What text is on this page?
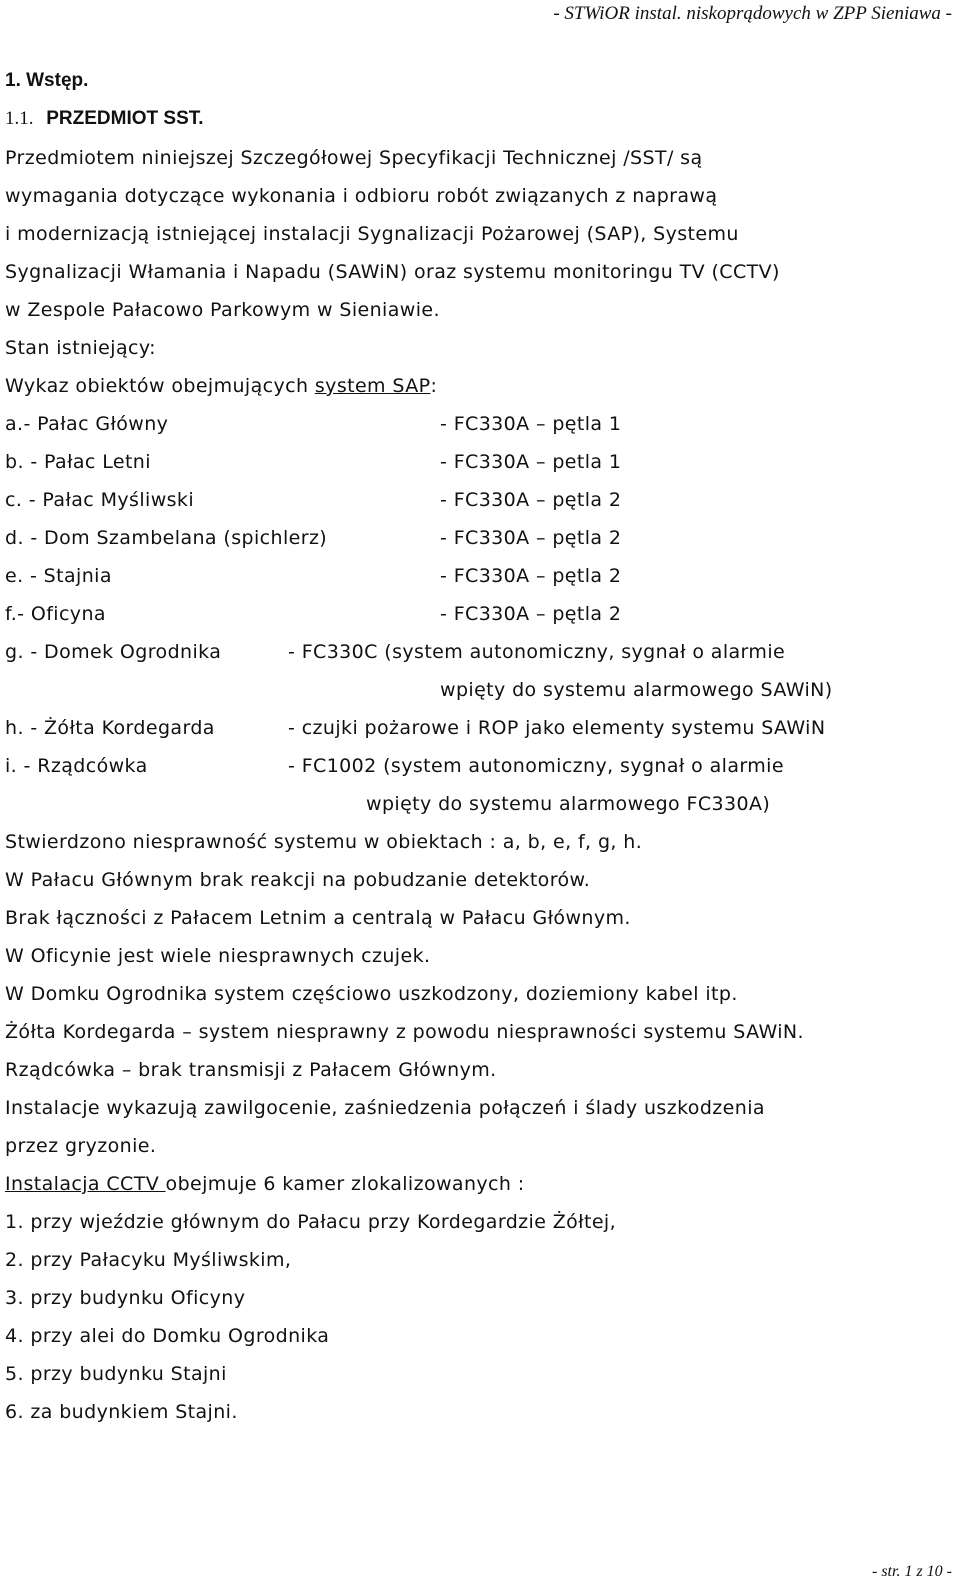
- STWiOR instal. niskoprądowych w ZPP Sieniawa -
1. Wstęp.
1.1. PRZEDMIOT SST.
Przedmiotem niniejszej Szczegółowej Specyfikacji Technicznej /SST/ są
wymagania dotyczące wykonania i odbioru robót związanych z naprawą
i modernizacją istniejącej instalacji Sygnalizacji Pożarowej (SAP), Systemu
Sygnalizacji Włamania i Napadu (SAWiN) oraz systemu monitoringu TV (CCTV)
w Zespole Pałacowo Parkowym w Sieniawie.
Stan istniejący:
Wykaz obiektów obejmujących system SAP:
a.- Pałac Główny	- FC330A – pętla 1
b. - Pałac Letni	- FC330A – petla 1
c. - Pałac Myśliwski	- FC330A – pętla 2
d. - Dom Szambelana (spichlerz)	- FC330A – pętla 2
e. - Stajnia	- FC330A – pętla 2
f.- Oficyna	- FC330A – pętla 2
g. - Domek Ogrodnika	- FC330C (system autonomiczny, sygnał o alarmie
wpięty do systemu alarmowego SAWiN)
h. - Żółta Kordegarda	- czujki pożarowe i ROP jako elementy systemu SAWiN
i. - Rządcówka	- FC1002 (system autonomiczny, sygnał o alarmie
wpięty do systemu alarmowego FC330A)
Stwierdzono niesprawność systemu w obiektach : a, b, e, f, g, h.
W Pałacu Głównym brak reakcji na pobudzanie detektorów.
Brak łączności z Pałacem Letnim a centralą w Pałacu Głównym.
W Oficynie jest wiele niesprawnych czujek.
W Domku Ogrodnika system częściowo uszkodzony, doziemiony kabel itp.
Żółta Kordegarda – system niesprawny z powodu niesprawności systemu SAWiN.
Rządcówka – brak transmisji z Pałacem Głównym.
Instalacje wykazują zawilgocenie, zaśniedzenia połączeń i ślady uszkodzenia
przez gryzonie.
Instalacja CCTV obejmuje 6 kamer zlokalizowanych :
1. przy wjeździe głównym do Pałacu przy Kordegardzie Żółtej,
2. przy Pałacyku Myśliwskim,
3. przy budynku Oficyny
4. przy alei do Domku Ogrodnika
5. przy budynku Stajni
6. za budynkiem Stajni.
- str. 1 z 10 -
